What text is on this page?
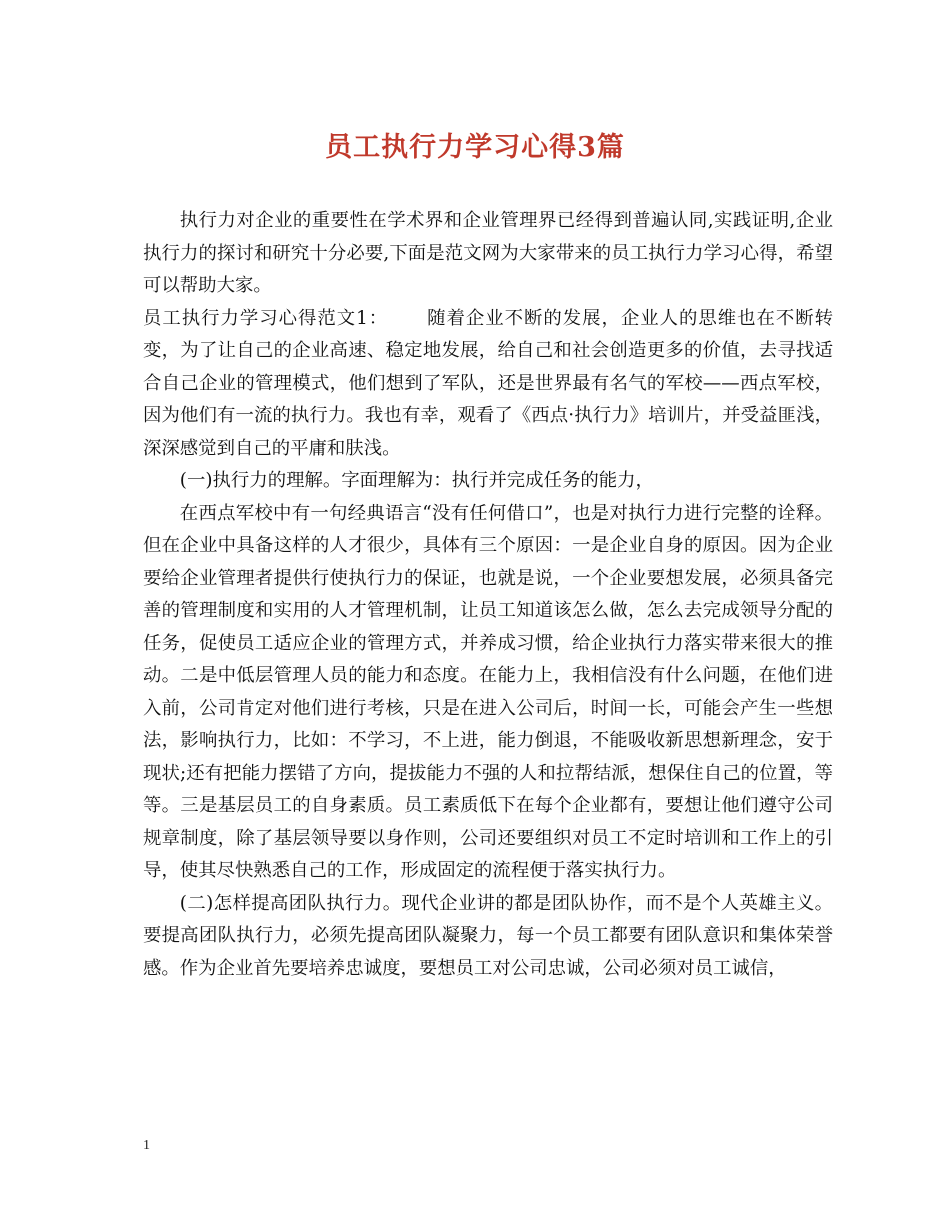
员工执行力学习心得3篇

执行力对企业的重要性在学术界和企业管理界已经得到普遍认同,实践证明,企业执行力的探讨和研究十分必要,下面是范文网为大家带来的员工执行力学习心得，希望可以帮助大家。

员工执行力学习心得范文1： 随着企业不断的发展，企业人的思维也在不断转变，为了让自己的企业高速、稳定地发展，给自己和社会创造更多的价值，去寻找适合自己企业的管理模式，他们想到了军队，还是世界最有名气的军校——西点军校，因为他们有一流的执行力。我也有幸，观看了《西点·执行力》培训片，并受益匪浅，深深感觉到自己的平庸和肤浅。

(一)执行力的理解。字面理解为：执行并完成任务的能力，

在西点军校中有一句经典语言“没有任何借口”，也是对执行力进行完整的诠释。但在企业中具备这样的人才很少，具体有三个原因：一是企业自身的原因。因为企业要给企业管理者提供行使执行力的保证，也就是说，一个企业要想发展，必须具备完善的管理制度和实用的人才管理机制，让员工知道该怎么做，怎么去完成领导分配的任务，促使员工适应企业的管理方式，并养成习惯，给企业执行力落实带来很大的推动。二是中低层管理人员的能力和态度。在能力上，我相信没有什么问题，在他们进入前，公司肯定对他们进行考核，只是在进入公司后，时间一长，可能会产生一些想法，影响执行力，比如：不学习，不上进，能力倒退，不能吸收新思想新理念，安于现状;还有把能力摆错了方向，提拔能力不强的人和拉帮结派，想保住自己的位置，等等。三是基层员工的自身素质。员工素质低下在每个企业都有，要想让他们遵守公司规章制度，除了基层领导要以身作则，公司还要组织对员工不定时培训和工作上的引导，使其尽快熟悉自己的工作，形成固定的流程便于落实执行力。

(二)怎样提高团队执行力。现代企业讲的都是团队协作，而不是个人英雄主义。要提高团队执行力，必须先提高团队凝聚力，每一个员工都要有团队意识和集体荣誉感。作为企业首先要培养忠诚度，要想员工对公司忠诚，公司必须对员工诚信，

1
